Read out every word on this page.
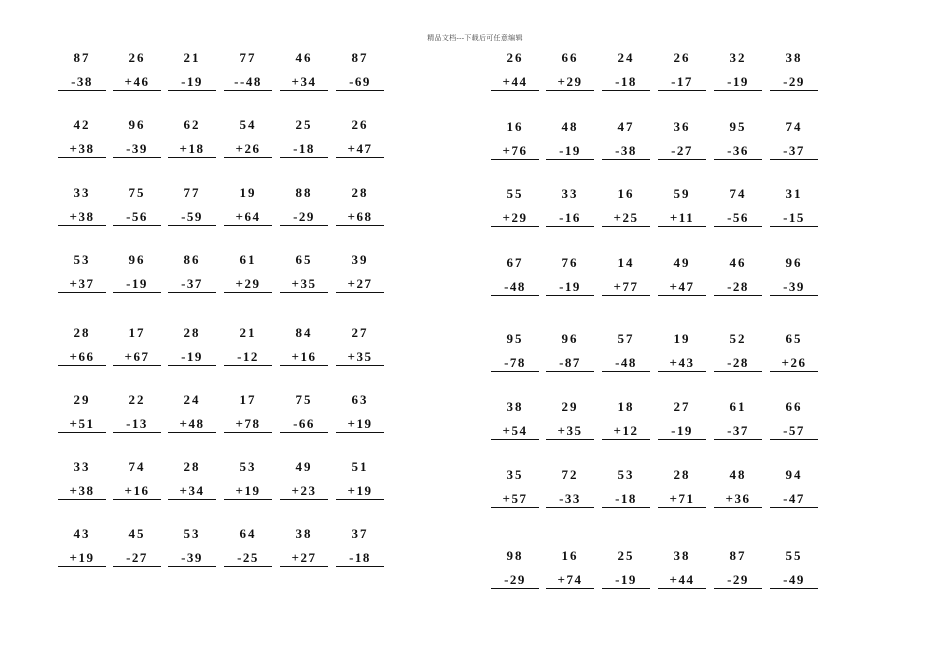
精品文档---下载后可任意编辑
87
-38
26
+46
21
-19
77
--48
46
+34
87
-69
42
+38
96
-39
62
+18
54
+26
25
-18
26
+47
33
+38
75
-56
77
-59
19
+64
88
-29
28
+68
53
+37
96
-19
86
-37
61
+29
65
+35
39
+27
28
+66
17
+67
28
-19
21
-12
84
+16
27
+35
29
+51
22
-13
24
+48
17
+78
75
-66
63
+19
33
+38
74
+16
28
+34
53
+19
49
+23
51
+19
43
+19
45
-27
53
-39
64
-25
38
+27
37
-18
26
+44
66
+29
24
-18
26
-17
32
-19
38
-29
16
+76
48
-19
47
-38
36
-27
95
-36
74
-37
55
+29
33
-16
16
+25
59
+11
74
-56
31
-15
67
-48
76
-19
14
+77
49
+47
46
-28
96
-39
95
-78
96
-87
57
-48
19
+43
52
-28
65
+26
38
+54
29
+35
18
+12
27
-19
61
-37
66
-57
35
+57
72
-33
53
-18
28
+71
48
+36
94
-47
98
-29
16
+74
25
-19
38
+44
87
-29
55
-49
